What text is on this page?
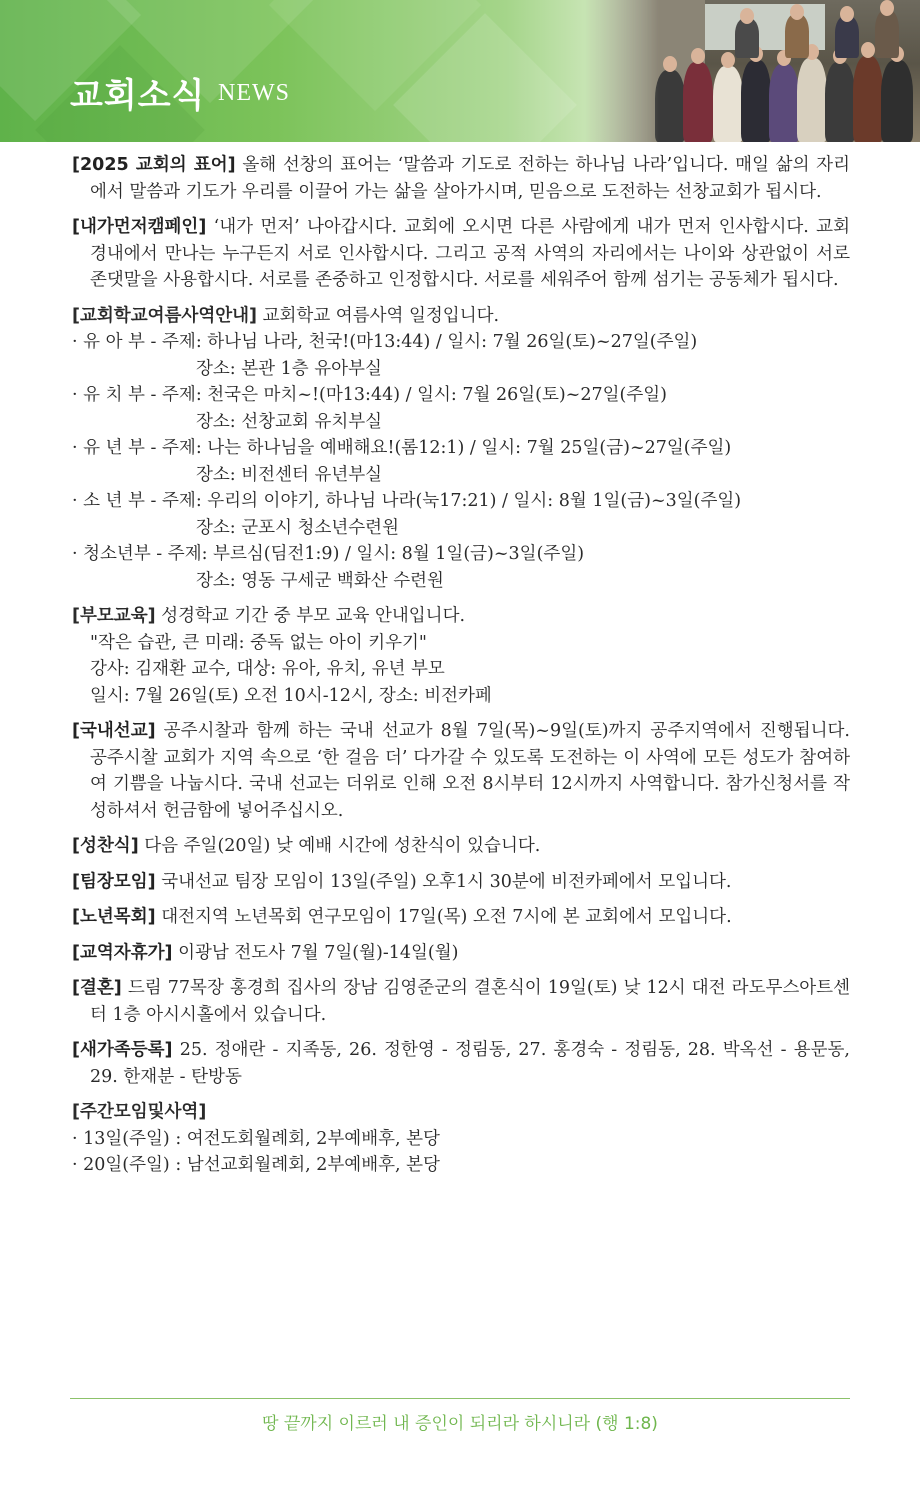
교회소식 NEWS

[2025 교회의 표어] 올해 선창의 표어는 ‘말씀과 기도로 전하는 하나님 나라’입니다. 매일 삶의 자리에서 말씀과 기도가 우리를 이끌어 가는 삶을 살아가시며, 믿음으로 도전하는 선창교회가 됩시다.

[내가먼저캠페인] ‘내가 먼저’ 나아갑시다. 교회에 오시면 다른 사람에게 내가 먼저 인사합시다. 교회 경내에서 만나는 누구든지 서로 인사합시다. 그리고 공적 사역의 자리에서는 나이와 상관없이 서로 존댓말을 사용합시다. 서로를 존중하고 인정합시다. 서로를 세워주어 함께 섬기는 공동체가 됩시다.

[교회학교여름사역안내] 교회학교 여름사역 일정입니다.

· 유 아 부 - 주제: 하나님 나라, 천국!(마13:44) / 일시: 7월 26일(토)~27일(주일)

장소: 본관 1층 유아부실

· 유 치 부 - 주제: 천국은 마치~!(마13:44) / 일시: 7월 26일(토)~27일(주일)

장소: 선창교회 유치부실

· 유 년 부 - 주제: 나는 하나님을 예배해요!(롬12:1) / 일시: 7월 25일(금)~27일(주일)

장소: 비전센터 유년부실

· 소 년 부 - 주제: 우리의 이야기, 하나님 나라(눅17:21) / 일시: 8월 1일(금)~3일(주일)

장소: 군포시 청소년수련원

· 청소년부 - 주제: 부르심(딤전1:9) / 일시: 8월 1일(금)~3일(주일)

장소: 영동 구세군 백화산 수련원

[부모교육] 성경학교 기간 중 부모 교육 안내입니다.

"작은 습관, 큰 미래: 중독 없는 아이 키우기"

강사: 김재환 교수, 대상: 유아, 유치, 유년 부모

일시: 7월 26일(토) 오전 10시-12시, 장소: 비전카페

[국내선교] 공주시찰과 함께 하는 국내 선교가 8월 7일(목)~9일(토)까지 공주지역에서 진행됩니다. 공주시찰 교회가 지역 속으로 ‘한 걸음 더’ 다가갈 수 있도록 도전하는 이 사역에 모든 성도가 참여하여 기쁨을 나눕시다. 국내 선교는 더위로 인해 오전 8시부터 12시까지 사역합니다. 참가신청서를 작성하셔서 헌금함에 넣어주십시오.

[성찬식] 다음 주일(20일) 낮 예배 시간에 성찬식이 있습니다.

[팀장모임] 국내선교 팀장 모임이 13일(주일) 오후1시 30분에 비전카페에서 모입니다.

[노년목회] 대전지역 노년목회 연구모임이 17일(목) 오전 7시에 본 교회에서 모입니다.

[교역자휴가] 이광남 전도사 7월 7일(월)-14일(월)

[결혼] 드림 77목장 홍경희 집사의 장남 김영준군의 결혼식이 19일(토) 낮 12시 대전 라도무스아트센터 1층 아시시홀에서 있습니다.

[새가족등록] 25. 정애란 - 지족동, 26. 정한영 - 정림동, 27. 홍경숙 - 정림동, 28. 박옥선 - 용문동, 29. 한재분 - 탄방동

[주간모임및사역]

· 13일(주일) : 여전도회월례회, 2부예배후, 본당

· 20일(주일) : 남선교회월례회, 2부예배후, 본당

땅 끝까지 이르러 내 증인이 되리라 하시니라 (행 1:8)
